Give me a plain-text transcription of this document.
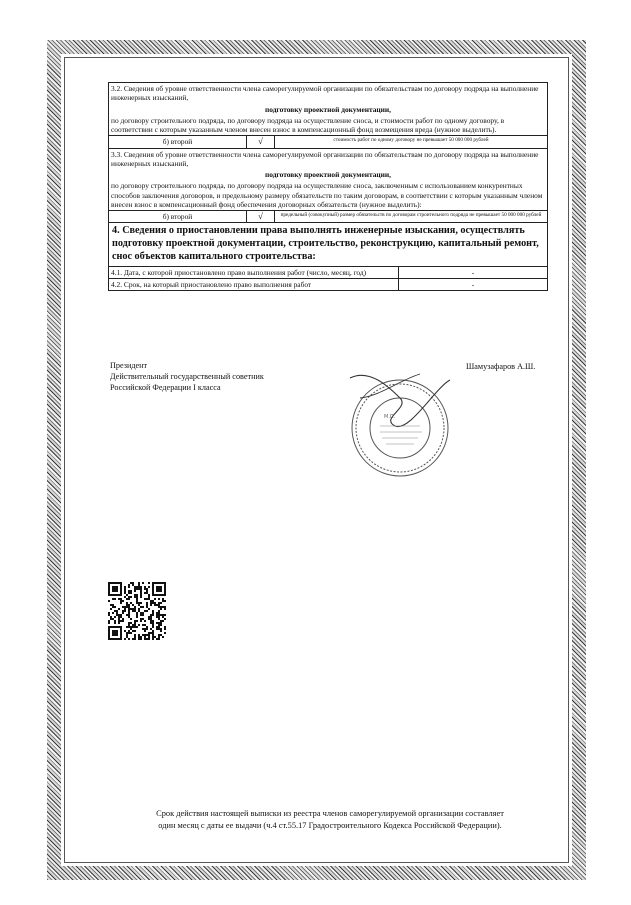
3.2. Сведения об уровне ответственности члена саморегулируемой организации по обязательствам по договору подряда на выполнение инженерных изысканий,
подготовку проектной документации,
по договору строительного подряда, по договору подряда на осуществление сноса, и стоимости работ по одному договору, в соответствии с которым указанным членом внесен взнос в компенсационный фонд возмещения вреда (нужное выделить).

б) второй	√	стоимость работ по одному договору не превышает 50 000 000 рублей
3.3. Сведения об уровне ответственности члена саморегулируемой организации по обязательствам по договору подряда на выполнение инженерных изысканий,
подготовку проектной документации,
по договору строительного подряда, по договору подряда на осуществление сноса, заключенным с использованием конкурентных способов заключения договоров, и предельному размеру обязательств по таким договорам, в соответствии с которым указанным членом внесен взнос в компенсационный фонд обеспечения договорных обязательств (нужное выделить):

б) второй	√	предельный (совокупный) размер обязательств по договорам строительного подряда не превышает 50 000 000 рублей
4. Сведения о приостановлении права выполнять инженерные изыскания, осуществлять подготовку проектной документации, строительство, реконструкцию, капитальный ремонт, снос объектов капитального строительства:	
4.1. Дата, с которой приостановлено право выполнения работ (число, месяц, год)	-
4.2. Срок, на который приостановлено право выполнения работ	-
Президент
Действительный государственный советник
Российской Федерации I класса
Шамузафаров А.Ш.
М.П.
Срок действия настоящей выписки из реестра членов саморегулируемой организации составляет
один месяц с даты ее выдачи (ч.4 ст.55.17 Градостроительного Кодекса Российской Федерации).
